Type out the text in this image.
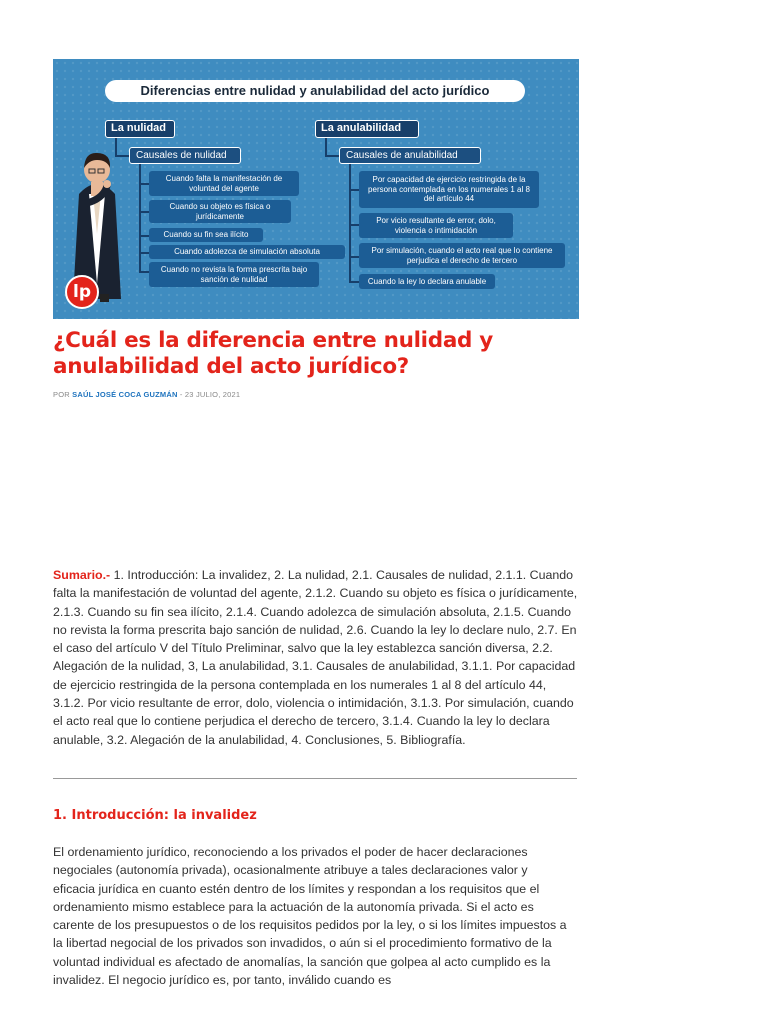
Diferencias entre nulidad y anulabilidad del acto jurídico
La nulidad
Causales de nulidad
Cuando falta la manifestación de voluntad del agente
Cuando su objeto es física o jurídicamente
Cuando su fin sea ilícito
Cuando adolezca de simulación absoluta
Cuando no revista la forma prescrita bajo sanción de nulidad
La anulabilidad
Causales de anulabilidad
Por capacidad de ejercicio restringida de la persona contemplada en los numerales 1 al 8 del artículo 44
Por vicio resultante de error, dolo, violencia o intimidación
Por simulación, cuando el acto real que lo contiene perjudica el derecho de tercero
Cuando la ley lo declara anulable
lp
¿Cuál es la diferencia entre nulidad y anulabilidad del acto jurídico?
POR SAÚL JOSÉ COCA GUZMÁN - 23 JULIO, 2021
Sumario.- 1. Introducción: La invalidez, 2. La nulidad, 2.1. Causales de nulidad, 2.1.1. Cuando falta la manifestación de voluntad del agente, 2.1.2. Cuando su objeto es física o jurídicamente, 2.1.3. Cuando su fin sea ilícito, 2.1.4. Cuando adolezca de simulación absoluta, 2.1.5. Cuando no revista la forma prescrita bajo sanción de nulidad, 2.6. Cuando la ley lo declare nulo, 2.7. En el caso del artículo V del Título Preliminar, salvo que la ley establezca sanción diversa, 2.2. Alegación de la nulidad, 3, La anulabilidad, 3.1. Causales de anulabilidad, 3.1.1. Por capacidad de ejercicio restringida de la persona contemplada en los numerales 1 al 8 del artículo 44, 3.1.2. Por vicio resultante de error, dolo, violencia o intimidación, 3.1.3. Por simulación, cuando el acto real que lo contiene perjudica el derecho de tercero, 3.1.4. Cuando la ley lo declara anulable, 3.2. Alegación de la anulabilidad, 4. Conclusiones, 5. Bibliografía.
1. Introducción: la invalidez

El ordenamiento jurídico, reconociendo a los privados el poder de hacer declaraciones negociales (autonomía privada), ocasionalmente atribuye a tales declaraciones valor y eficacia jurídica en cuanto estén dentro de los límites y respondan a los requisitos que el ordenamiento mismo establece para la actuación de la autonomía privada. Si el acto es carente de los presupuestos o de los requisitos pedidos por la ley, o si los límites impuestos a la libertad negocial de los privados son invadidos, o aún si el procedimiento formativo de la voluntad individual es afectado de anomalías, la sanción que golpea al acto cumplido es la invalidez. El negocio jurídico es, por tanto, inválido cuando es
